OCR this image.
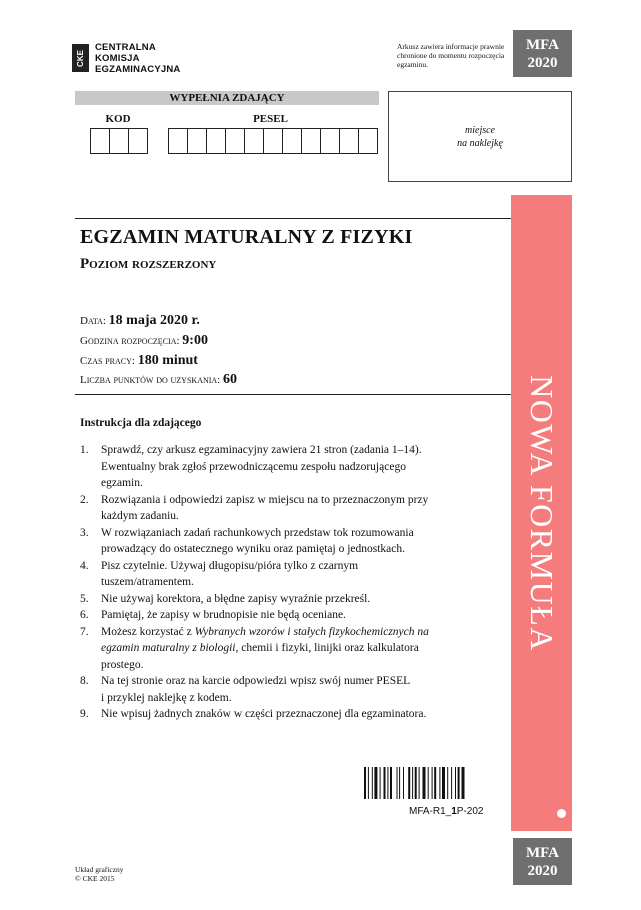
CKE
CENTRALNA
KOMISJA
EGZAMINACYJNA
Arkusz zawiera informacje prawnie chronione do momentu rozpoczęcia egzaminu.
MFA
2020
MFA
2020
WYPEŁNIA ZDAJĄCY
KOD	PESEL
miejsce
na naklejkę
NOWA FORMUŁA
EGZAMIN MATURALNY Z FIZYKI
Poziom rozszerzony
Data: 18 maja 2020 r.
Godzina rozpoczęcia: 9:00
Czas pracy: 180 minut
Liczba punktów do uzyskania: 60
Instrukcja dla zdającego
1.	Sprawdź, czy arkusz egzaminacyjny zawiera 21 stron (zadania 1–14).
Ewentualny brak zgłoś przewodniczącemu zespołu nadzorującego
egzamin.
2.	Rozwiązania i odpowiedzi zapisz w miejscu na to przeznaczonym przy
każdym zadaniu.
3.	W rozwiązaniach zadań rachunkowych przedstaw tok rozumowania
prowadzący do ostatecznego wyniku oraz pamiętaj o jednostkach.
4.	Pisz czytelnie. Używaj długopisu/pióra tylko z czarnym
tuszem/atramentem.
5.	Nie używaj korektora, a błędne zapisy wyraźnie przekreśl.
6.	Pamiętaj, że zapisy w brudnopisie nie będą oceniane.
7.	Możesz korzystać z Wybranych wzorów i stałych fizykochemicznych na
egzamin maturalny z biologii, chemii i fizyki, linijki oraz kalkulatora
prostego.
8.	Na tej stronie oraz na karcie odpowiedzi wpisz swój numer PESEL
i przyklej naklejkę z kodem.
9.	Nie wpisuj żadnych znaków w części przeznaczonej dla egzaminatora.
MFA-R1_1P-202
Układ graficzny
© CKE 2015
